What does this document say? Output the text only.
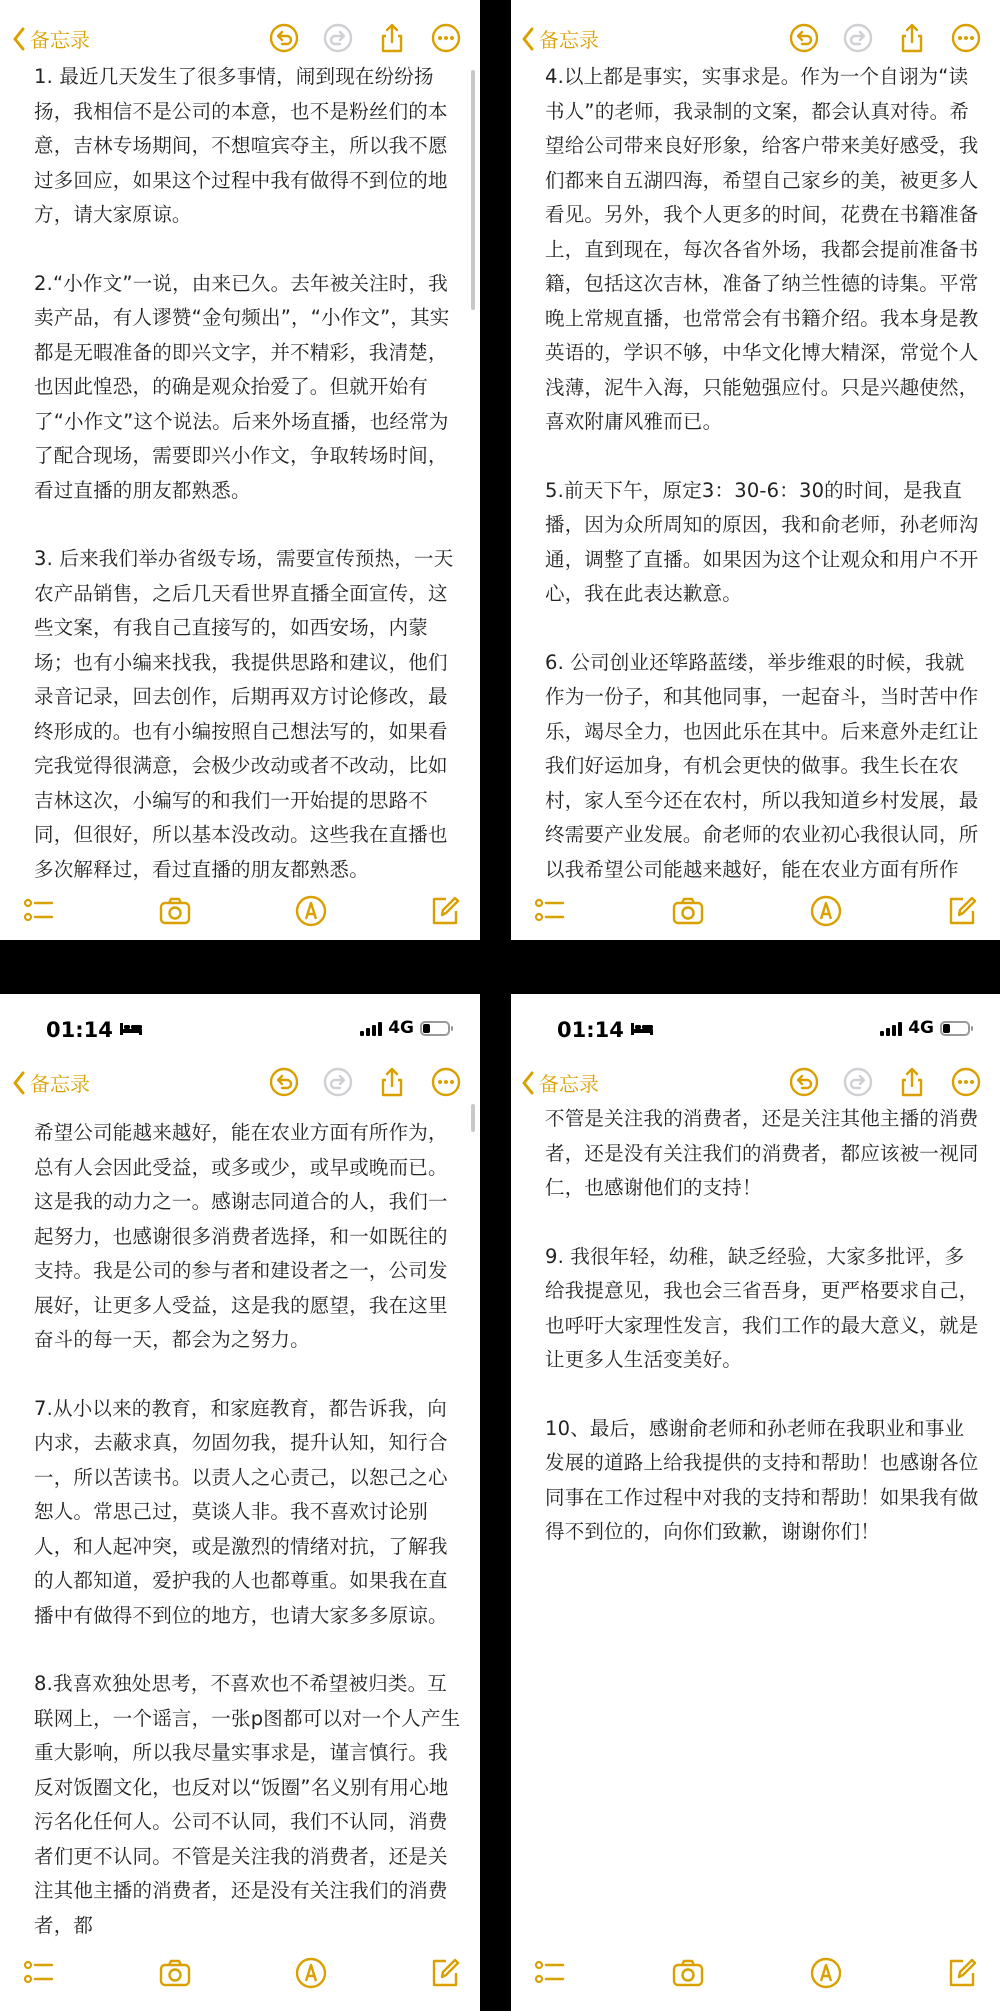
备忘录

1. 最近几天发生了很多事情，闹到现在纷纷扬扬，我相信不是公司的本意，也不是粉丝们的本意，吉林专场期间，不想喧宾夺主，所以我不愿过多回应，如果这个过程中我有做得不到位的地方，请大家原谅。

2.“小作文”一说，由来已久。去年被关注时，我卖产品，有人谬赞“金句频出”，“小作文”，其实都是无暇准备的即兴文字，并不精彩，我清楚，也因此惶恐，的确是观众抬爱了。但就开始有了“小作文”这个说法。后来外场直播，也经常为了配合现场，需要即兴小作文，争取转场时间，看过直播的朋友都熟悉。

3. 后来我们举办省级专场，需要宣传预热，一天农产品销售，之后几天看世界直播全面宣传，这些文案，有我自己直接写的，如西安场，内蒙场；也有小编来找我，我提供思路和建议，他们录音记录，回去创作，后期再双方讨论修改，最终形成的。也有小编按照自己想法写的，如果看完我觉得很满意，会极少改动或者不改动，比如吉林这次，小编写的和我们一开始提的思路不同，但很好，所以基本没改动。这些我在直播也多次解释过，看过直播的朋友都熟悉。

备忘录

4.以上都是事实，实事求是。作为一个自诩为“读书人”的老师，我录制的文案，都会认真对待。希望给公司带来良好形象，给客户带来美好感受，我们都来自五湖四海，希望自己家乡的美，被更多人看见。另外，我个人更多的时间，花费在书籍准备上，直到现在，每次各省外场，我都会提前准备书籍，包括这次吉林，准备了纳兰性德的诗集。平常晚上常规直播，也常常会有书籍介绍。我本身是教英语的，学识不够，中华文化博大精深，常觉个人浅薄，泥牛入海，只能勉强应付。只是兴趣使然，喜欢附庸风雅而已。

5.前天下午，原定3：30-6：30的时间，是我直播，因为众所周知的原因，我和俞老师，孙老师沟通，调整了直播。如果因为这个让观众和用户不开心，我在此表达歉意。

6. 公司创业还筚路蓝缕，举步维艰的时候，我就作为一份子，和其他同事，一起奋斗，当时苦中作乐，竭尽全力，也因此乐在其中。后来意外走红让我们好运加身，有机会更快的做事。我生长在农村，家人至今还在农村，所以我知道乡村发展，最终需要产业发展。俞老师的农业初心我很认同，所以我希望公司能越来越好，能在农业方面有所作

01:14	4G
备忘录

希望公司能越来越好，能在农业方面有所作为，总有人会因此受益，或多或少，或早或晚而已。这是我的动力之一。感谢志同道合的人，我们一起努力，也感谢很多消费者选择，和一如既往的支持。我是公司的参与者和建设者之一，公司发展好，让更多人受益，这是我的愿望，我在这里奋斗的每一天，都会为之努力。

7.从小以来的教育，和家庭教育，都告诉我，向内求，去蔽求真，勿固勿我，提升认知，知行合一，所以苦读书。以责人之心责己，以恕己之心恕人。常思己过，莫谈人非。我不喜欢讨论别人，和人起冲突，或是激烈的情绪对抗，了解我的人都知道，爱护我的人也都尊重。如果我在直播中有做得不到位的地方，也请大家多多原谅。

8.我喜欢独处思考，不喜欢也不希望被归类。互联网上，一个谣言，一张p图都可以对一个人产生重大影响，所以我尽量实事求是，谨言慎行。我反对饭圈文化，也反对以“饭圈”名义别有用心地污名化任何人。公司不认同，我们不认同，消费者们更不认同。不管是关注我的消费者，还是关注其他主播的消费者，还是没有关注我们的消费者，都

01:14	4G
备忘录

不管是关注我的消费者，还是关注其他主播的消费者，还是没有关注我们的消费者，都应该被一视同仁，也感谢他们的支持！

9. 我很年轻，幼稚，缺乏经验，大家多批评，多给我提意见，我也会三省吾身，更严格要求自己，也呼吁大家理性发言，我们工作的最大意义，就是让更多人生活变美好。

10、最后，感谢俞老师和孙老师在我职业和事业发展的道路上给我提供的支持和帮助！也感谢各位同事在工作过程中对我的支持和帮助！如果我有做得不到位的，向你们致歉，谢谢你们！
